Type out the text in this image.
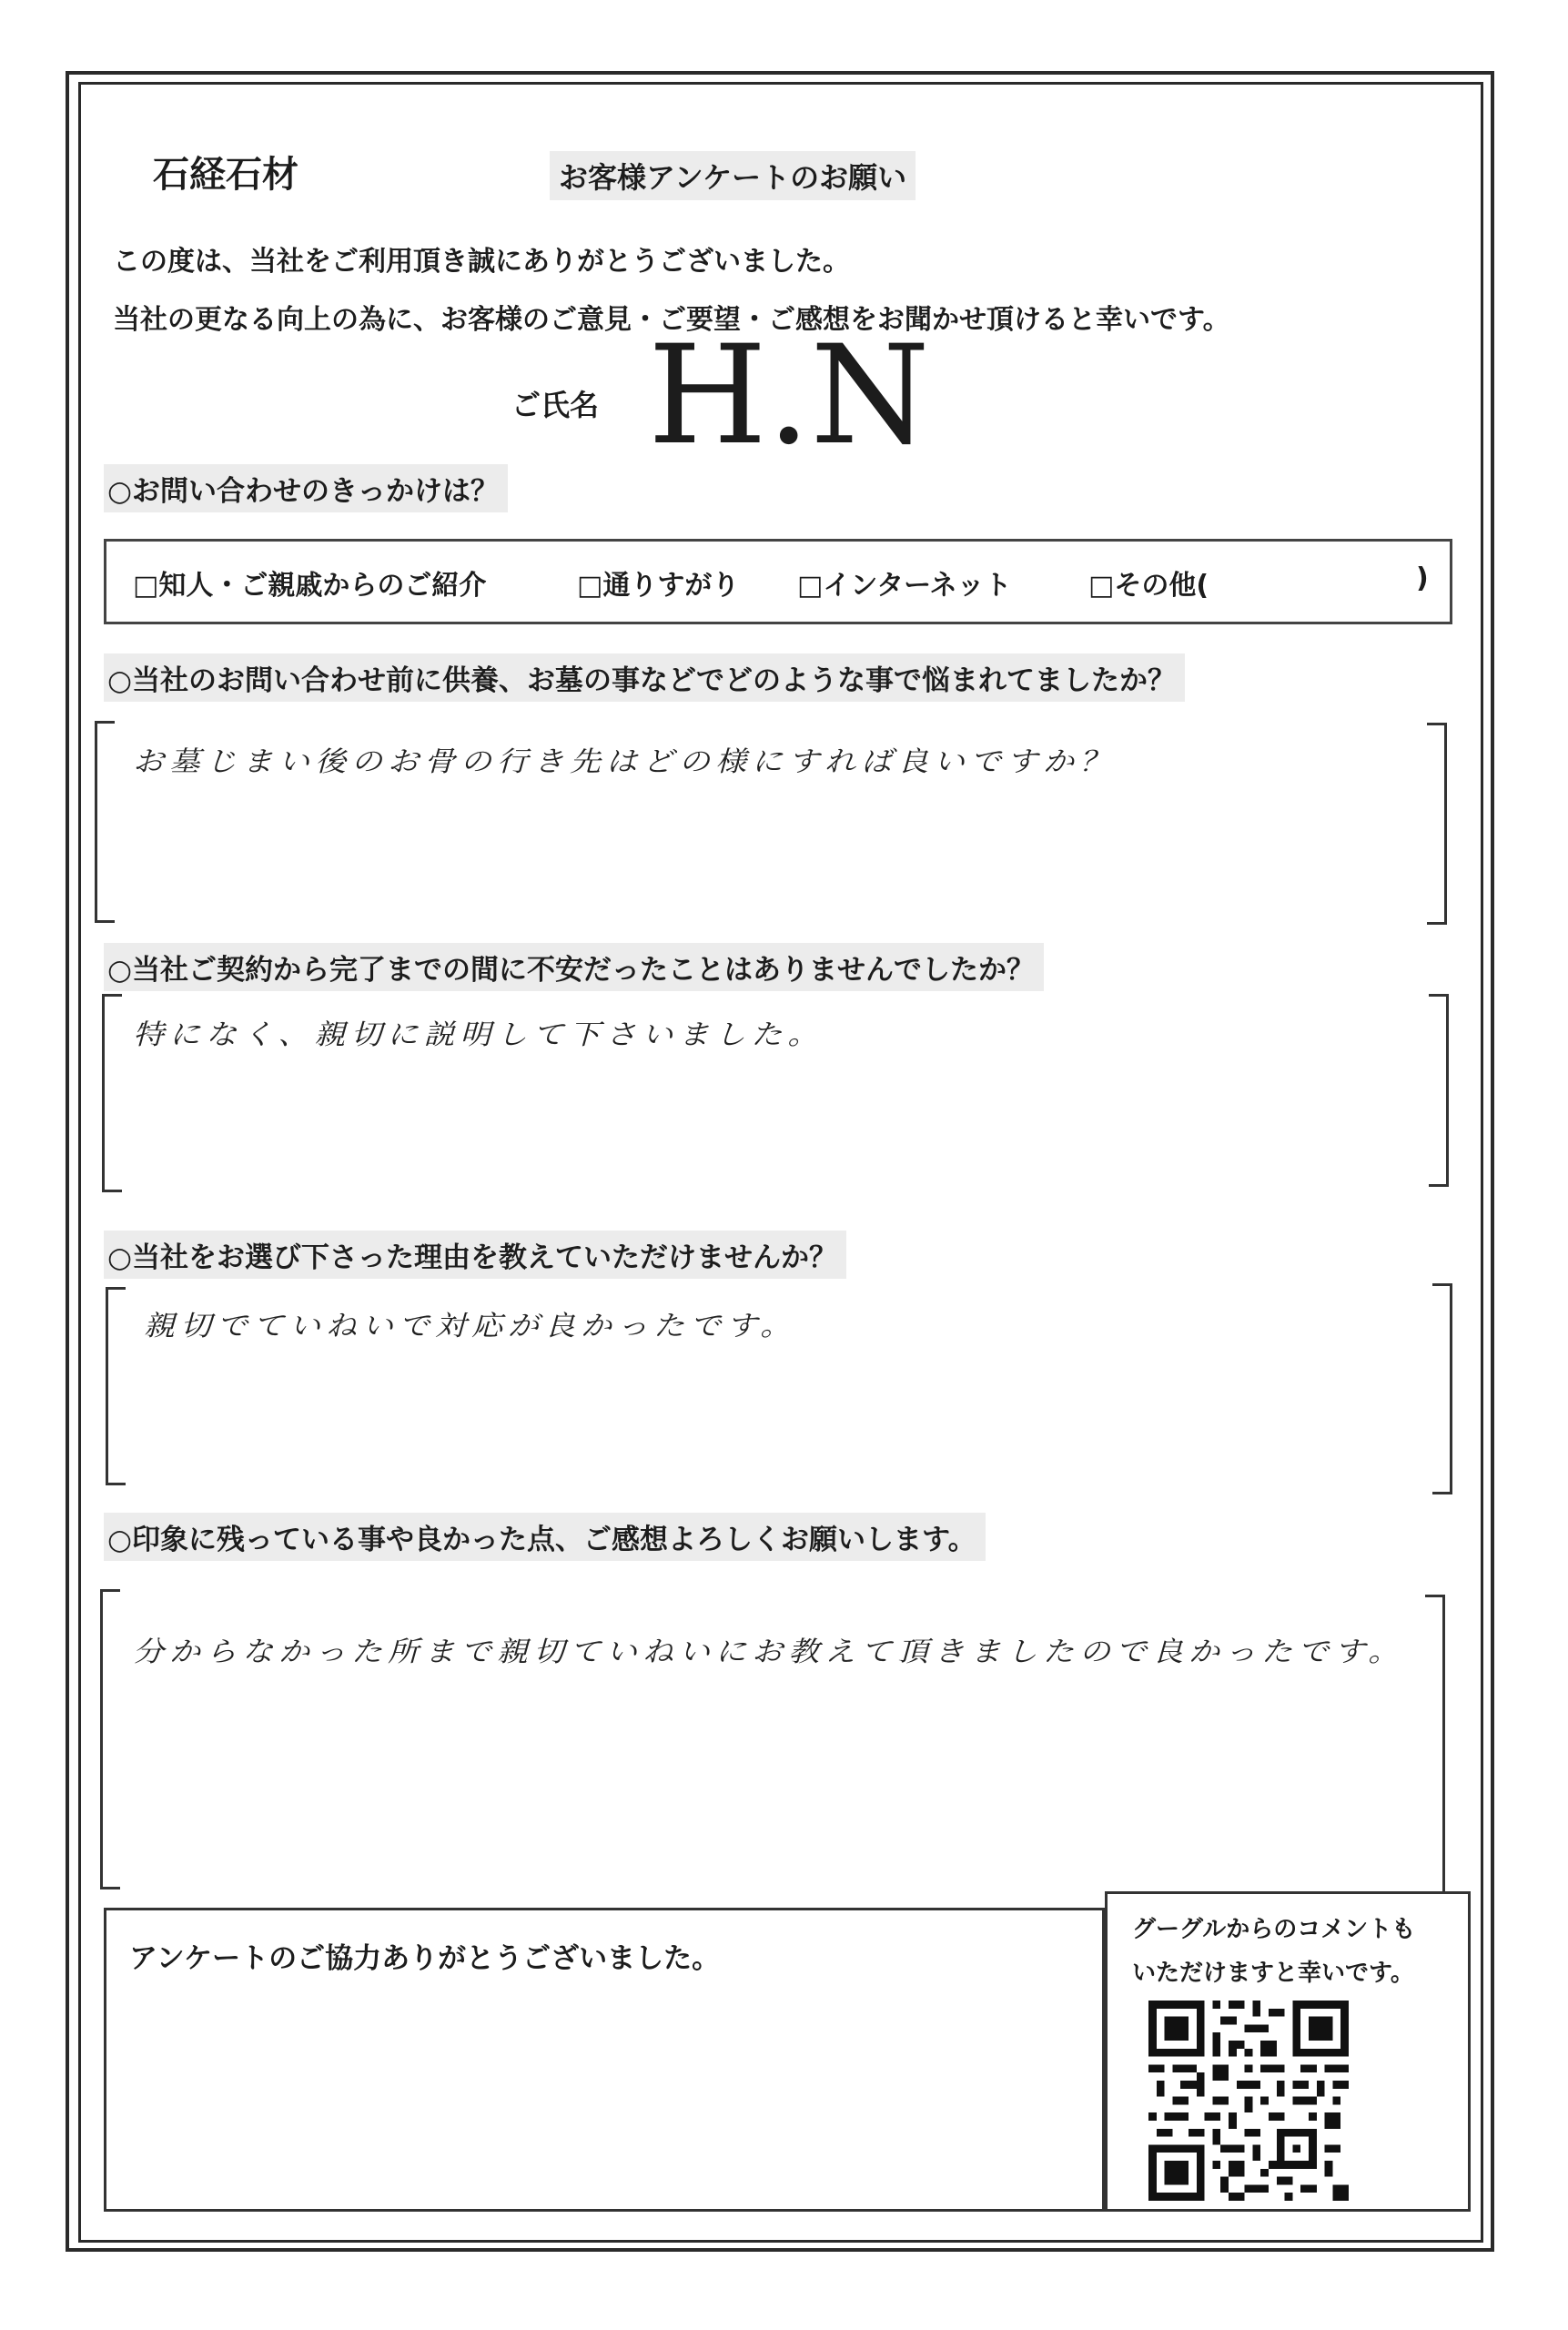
石経石材	お客様アンケートのお願い
この度は、当社をご利用頂き誠にありがとうございました。
当社の更なる向上の為に、お客様のご意見・ご要望・ご感想をお聞かせ頂けると幸いです。
ご氏名 H.N
○お問い合わせのきっかけは？
□知人・ご親戚からのご紹介	□通りすがり □インターネット	□その他(	)
○当社のお問い合わせ前に供養、お墓の事などでどのような事で悩まれてましたか？
お墓じまい後のお骨の行き先はどの様にすれば良いですか？
○当社ご契約から完了までの間に不安だったことはありませんでしたか？
特になく、親切に説明して下さいました。
○当社をお選び下さった理由を教えていただけませんか？
親切でていねいで対応が良かったです。
○印象に残っている事や良かった点、ご感想よろしくお願いします。
分からなかった所まで親切ていねいにお教えて頂きましたので良かったです。
アンケートのご協力ありがとうございました。
グーグルからのコメントも
いただけますと幸いです。
